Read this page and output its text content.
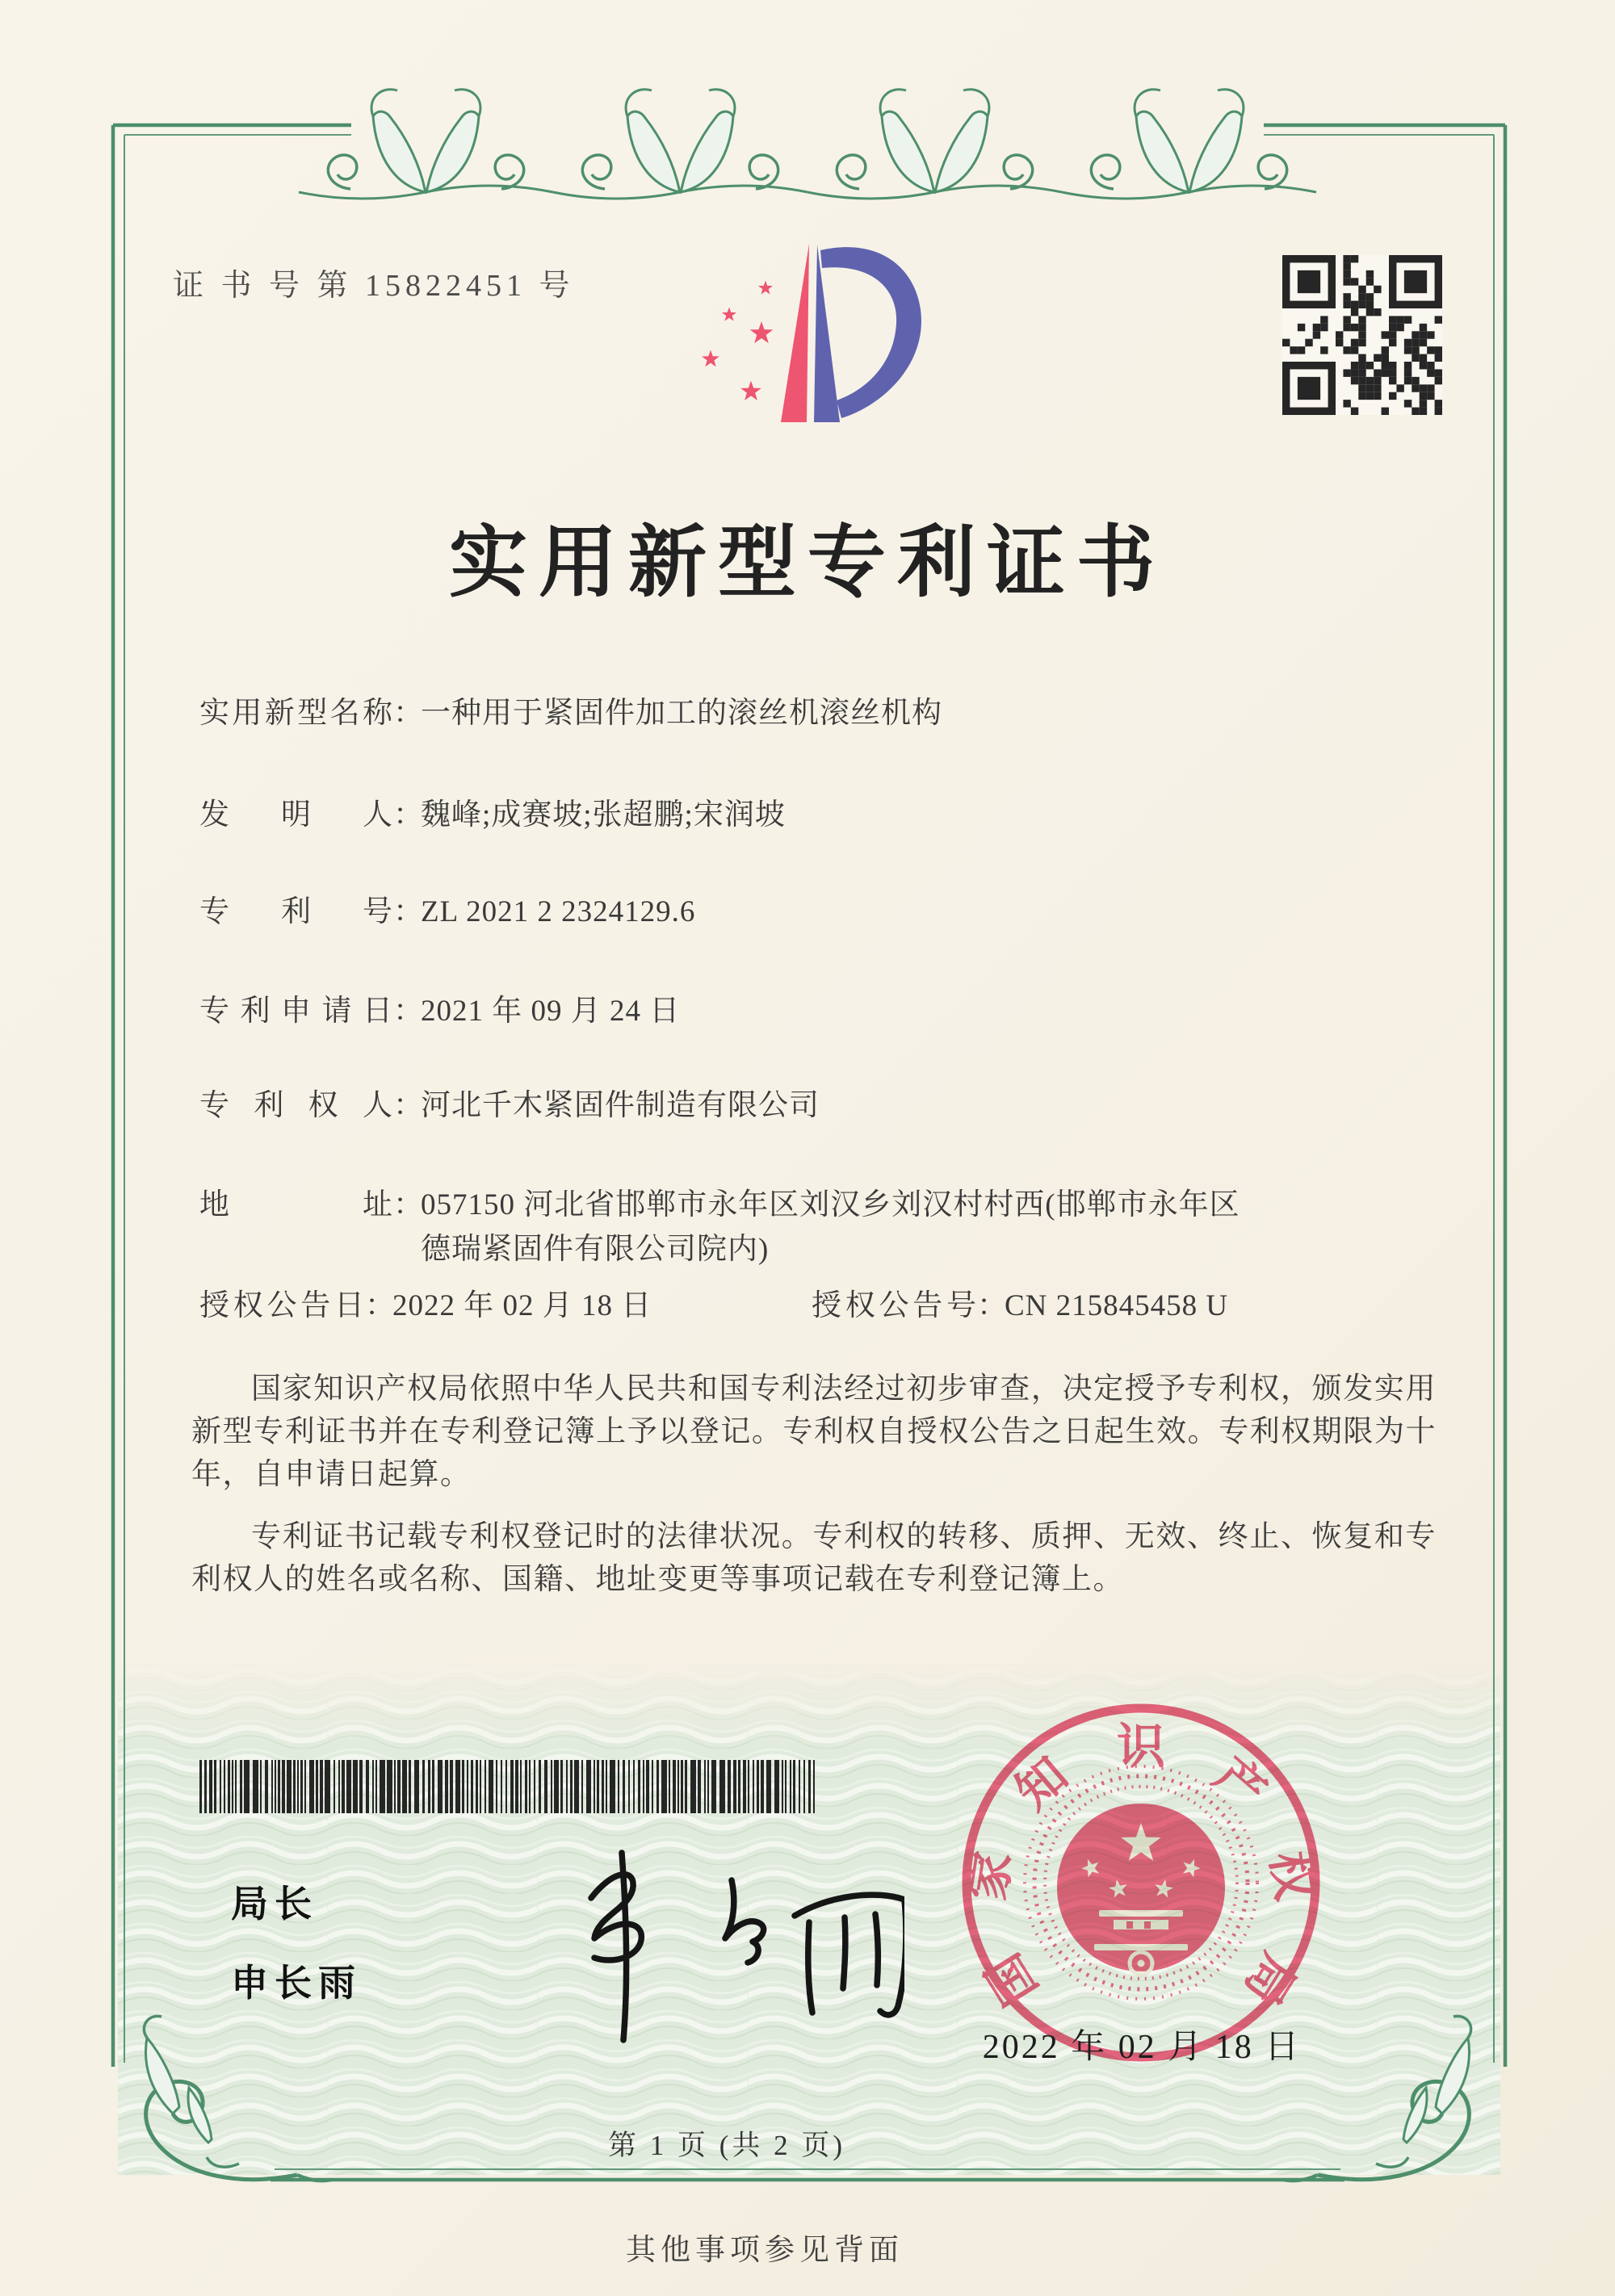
证 书 号 第 15822451 号
实用新型专利证书
实用新型名称：一种用于紧固件加工的滚丝机滚丝机构
发明人：魏峰;成赛坡;张超鹏;宋润坡
专利号：ZL 2021 2 2324129.6
专利申请日：2021 年 09 月 24 日
专利权人：河北千木紧固件制造有限公司
地址：057150 河北省邯郸市永年区刘汉乡刘汉村村西(邯郸市永年区德瑞紧固件有限公司院内)
授权公告日：2022 年 02 月 18 日	授权公告号：CN 215845458 U

国家知识产权局依照中华人民共和国专利法经过初步审查，决定授予专利权，颁发实用新型专利证书并在专利登记簿上予以登记。专利权自授权公告之日起生效。专利权期限为十年，自申请日起算。

专利证书记载专利权登记时的法律状况。专利权的转移、质押、无效、终止、恢复和专利权人的姓名或名称、国籍、地址变更等事项记载在专利登记簿上。

局长
申长雨	国
家
知
识
产
权
局
2022 年 02 月 18 日
第 1 页 (共 2 页)
其他事项参见背面
